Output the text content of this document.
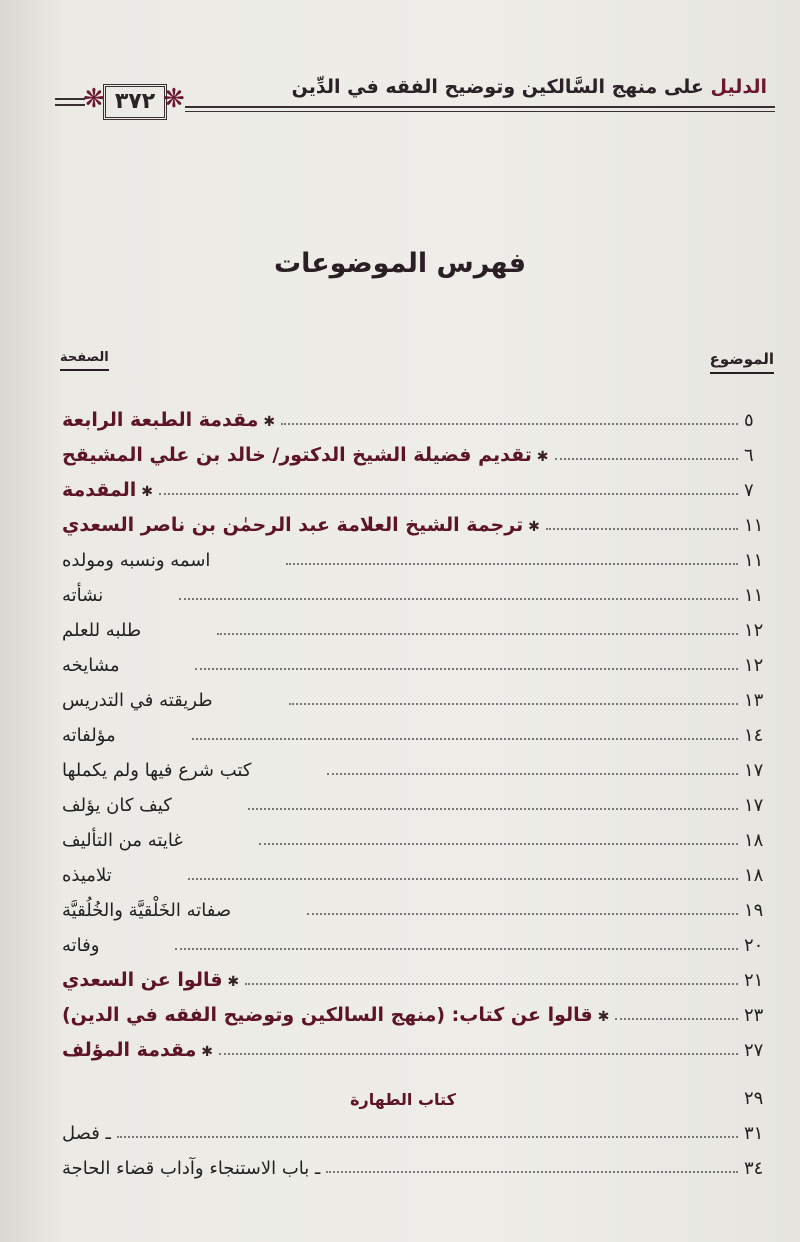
الدليل على منهج السَّالكين وتوضيح الفقه في الدِّين
❋ ٣٧٢ ❋
فهرس الموضوعات
الموضوع
الصفحة
✱ مقدمة الطبعة الرابعة	٥
✱ تقديم فضيلة الشيخ الدكتور/ خالد بن علي المشيقح	٦
✱ المقدمة	٧
✱ ترجمة الشيخ العلامة عبد الرحمٰن بن ناصر السعدي	١١
اسمه ونسبه ومولده	١١
نشأته	١١
طلبه للعلم	١٢
مشايخه	١٢
طريقته في التدريس	١٣
مؤلفاته	١٤
كتب شرع فيها ولم يكملها	١٧
كيف كان يؤلف	١٧
غايته من التأليف	١٨
تلاميذه	١٨
صفاته الخَلْقيَّة والخُلُقيَّة	١٩
وفاته	٢٠
✱ قالوا عن السعدي	٢١
✱ قالوا عن كتاب: (منهج السالكين وتوضيح الفقه في الدين)	٢٣
✱ مقدمة المؤلف	٢٧
كتاب الطهارة	٢٩
ـ فصل	٣١
ـ باب الاستنجاء وآداب قضاء الحاجة	٣٤
